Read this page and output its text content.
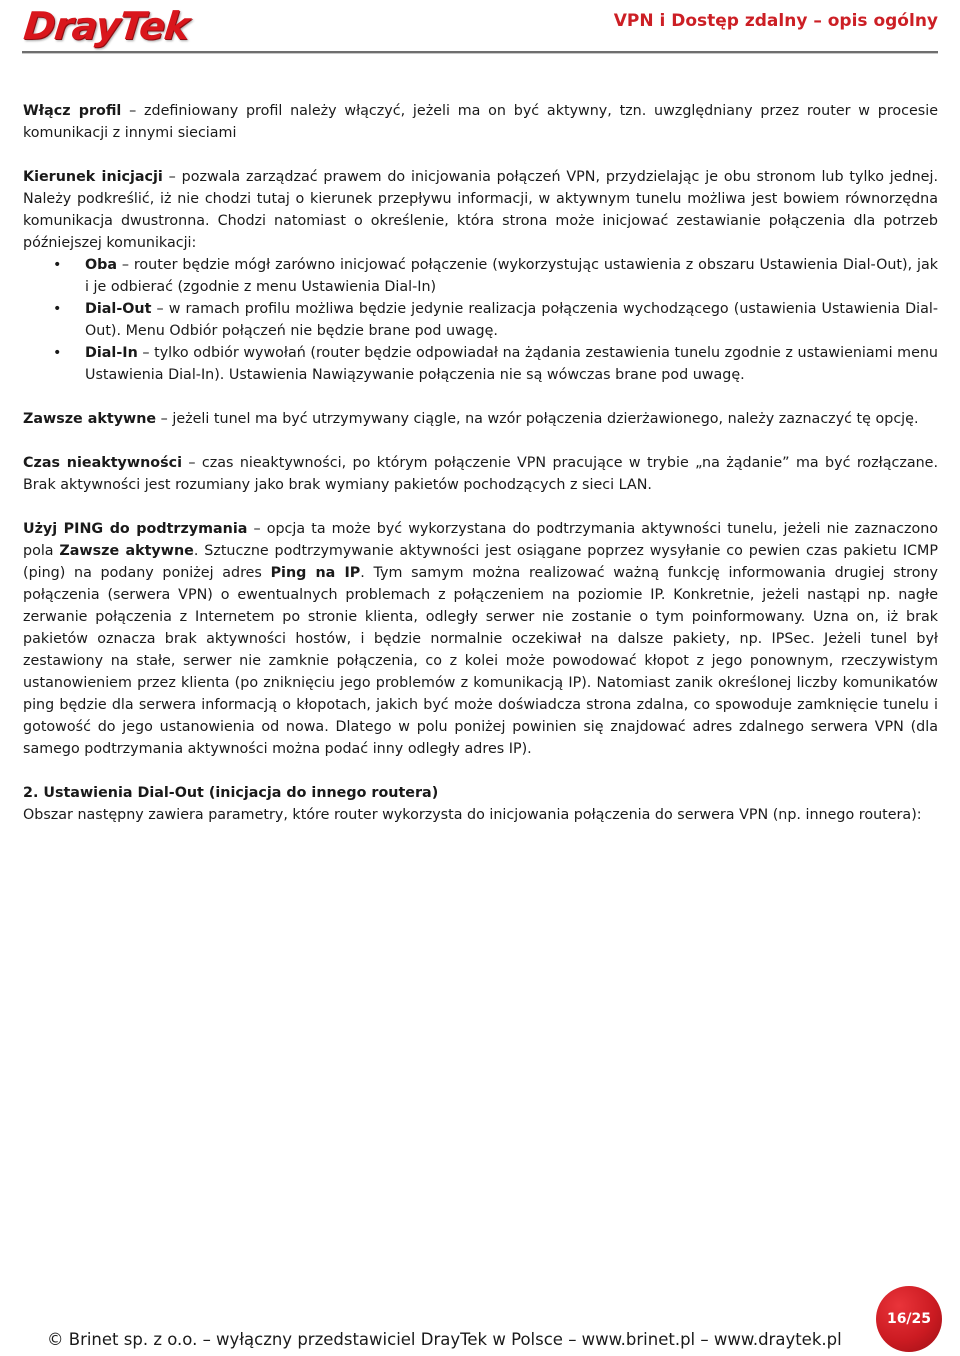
DrayTek	VPN i Dostęp zdalny – opis ogólny

Włącz profil – zdefiniowany profil należy włączyć, jeżeli ma on być aktywny, tzn. uwzględniany przez router w procesie komunikacji z innymi sieciami

Kierunek inicjacji – pozwala zarządzać prawem do inicjowania połączeń VPN, przydzielając je obu stronom lub tylko jednej. Należy podkreślić, iż nie chodzi tutaj o kierunek przepływu informacji, w aktywnym tunelu możliwa jest bowiem równorzędna komunikacja dwustronna. Chodzi natomiast o określenie, która strona może inicjować zestawianie połączenia dla potrzeb późniejszej komunikacji:

• Oba – router będzie mógł zarówno inicjować połączenie (wykorzystując ustawienia z obszaru Ustawienia Dial-Out), jak i je odbierać (zgodnie z menu Ustawienia Dial-In)
• Dial-Out – w ramach profilu możliwa będzie jedynie realizacja połączenia wychodzącego (ustawienia Ustawienia Dial-Out). Menu Odbiór połączeń nie będzie brane pod uwagę.
• Dial-In – tylko odbiór wywołań (router będzie odpowiadał na żądania zestawienia tunelu zgodnie z ustawieniami menu Ustawienia Dial-In). Ustawienia Nawiązywanie połączenia nie są wówczas brane pod uwagę.

Zawsze aktywne – jeżeli tunel ma być utrzymywany ciągle, na wzór połączenia dzierżawionego, należy zaznaczyć tę opcję.

Czas nieaktywności – czas nieaktywności, po którym połączenie VPN pracujące w trybie „na żądanie” ma być rozłączane. Brak aktywności jest rozumiany jako brak wymiany pakietów pochodzących z sieci LAN.

Użyj PING do podtrzymania – opcja ta może być wykorzystana do podtrzymania aktywności tunelu, jeżeli nie zaznaczono pola Zawsze aktywne. Sztuczne podtrzymywanie aktywności jest osiągane poprzez wysyłanie co pewien czas pakietu ICMP (ping) na podany poniżej adres Ping na IP. Tym samym można realizować ważną funkcję informowania drugiej strony połączenia (serwera VPN) o ewentualnych problemach z połączeniem na poziomie IP. Konkretnie, jeżeli nastąpi np. nagłe zerwanie połączenia z Internetem po stronie klienta, odległy serwer nie zostanie o tym poinformowany. Uzna on, iż brak pakietów oznacza brak aktywności hostów, i będzie normalnie oczekiwał na dalsze pakiety, np. IPSec. Jeżeli tunel był zestawiony na stałe, serwer nie zamknie połączenia, co z kolei może powodować kłopot z jego ponownym, rzeczywistym ustanowieniem przez klienta (po zniknięciu jego problemów z komunikacją IP). Natomiast zanik określonej liczby komunikatów ping będzie dla serwera informacją o kłopotach, jakich być może doświadcza strona zdalna, co spowoduje zamknięcie tunelu i gotowość do jego ustanowienia od nowa. Dlatego w polu poniżej powinien się znajdować adres zdalnego serwera VPN (dla samego podtrzymania aktywności można podać inny odległy adres IP).

2. Ustawienia Dial-Out (inicjacja do innego routera)

Obszar następny zawiera parametry, które router wykorzysta do inicjowania połączenia do serwera VPN (np. innego routera):

© Brinet sp. z o.o. – wyłączny przedstawiciel DrayTek w Polsce – www.brinet.pl – www.draytek.pl
16/25
